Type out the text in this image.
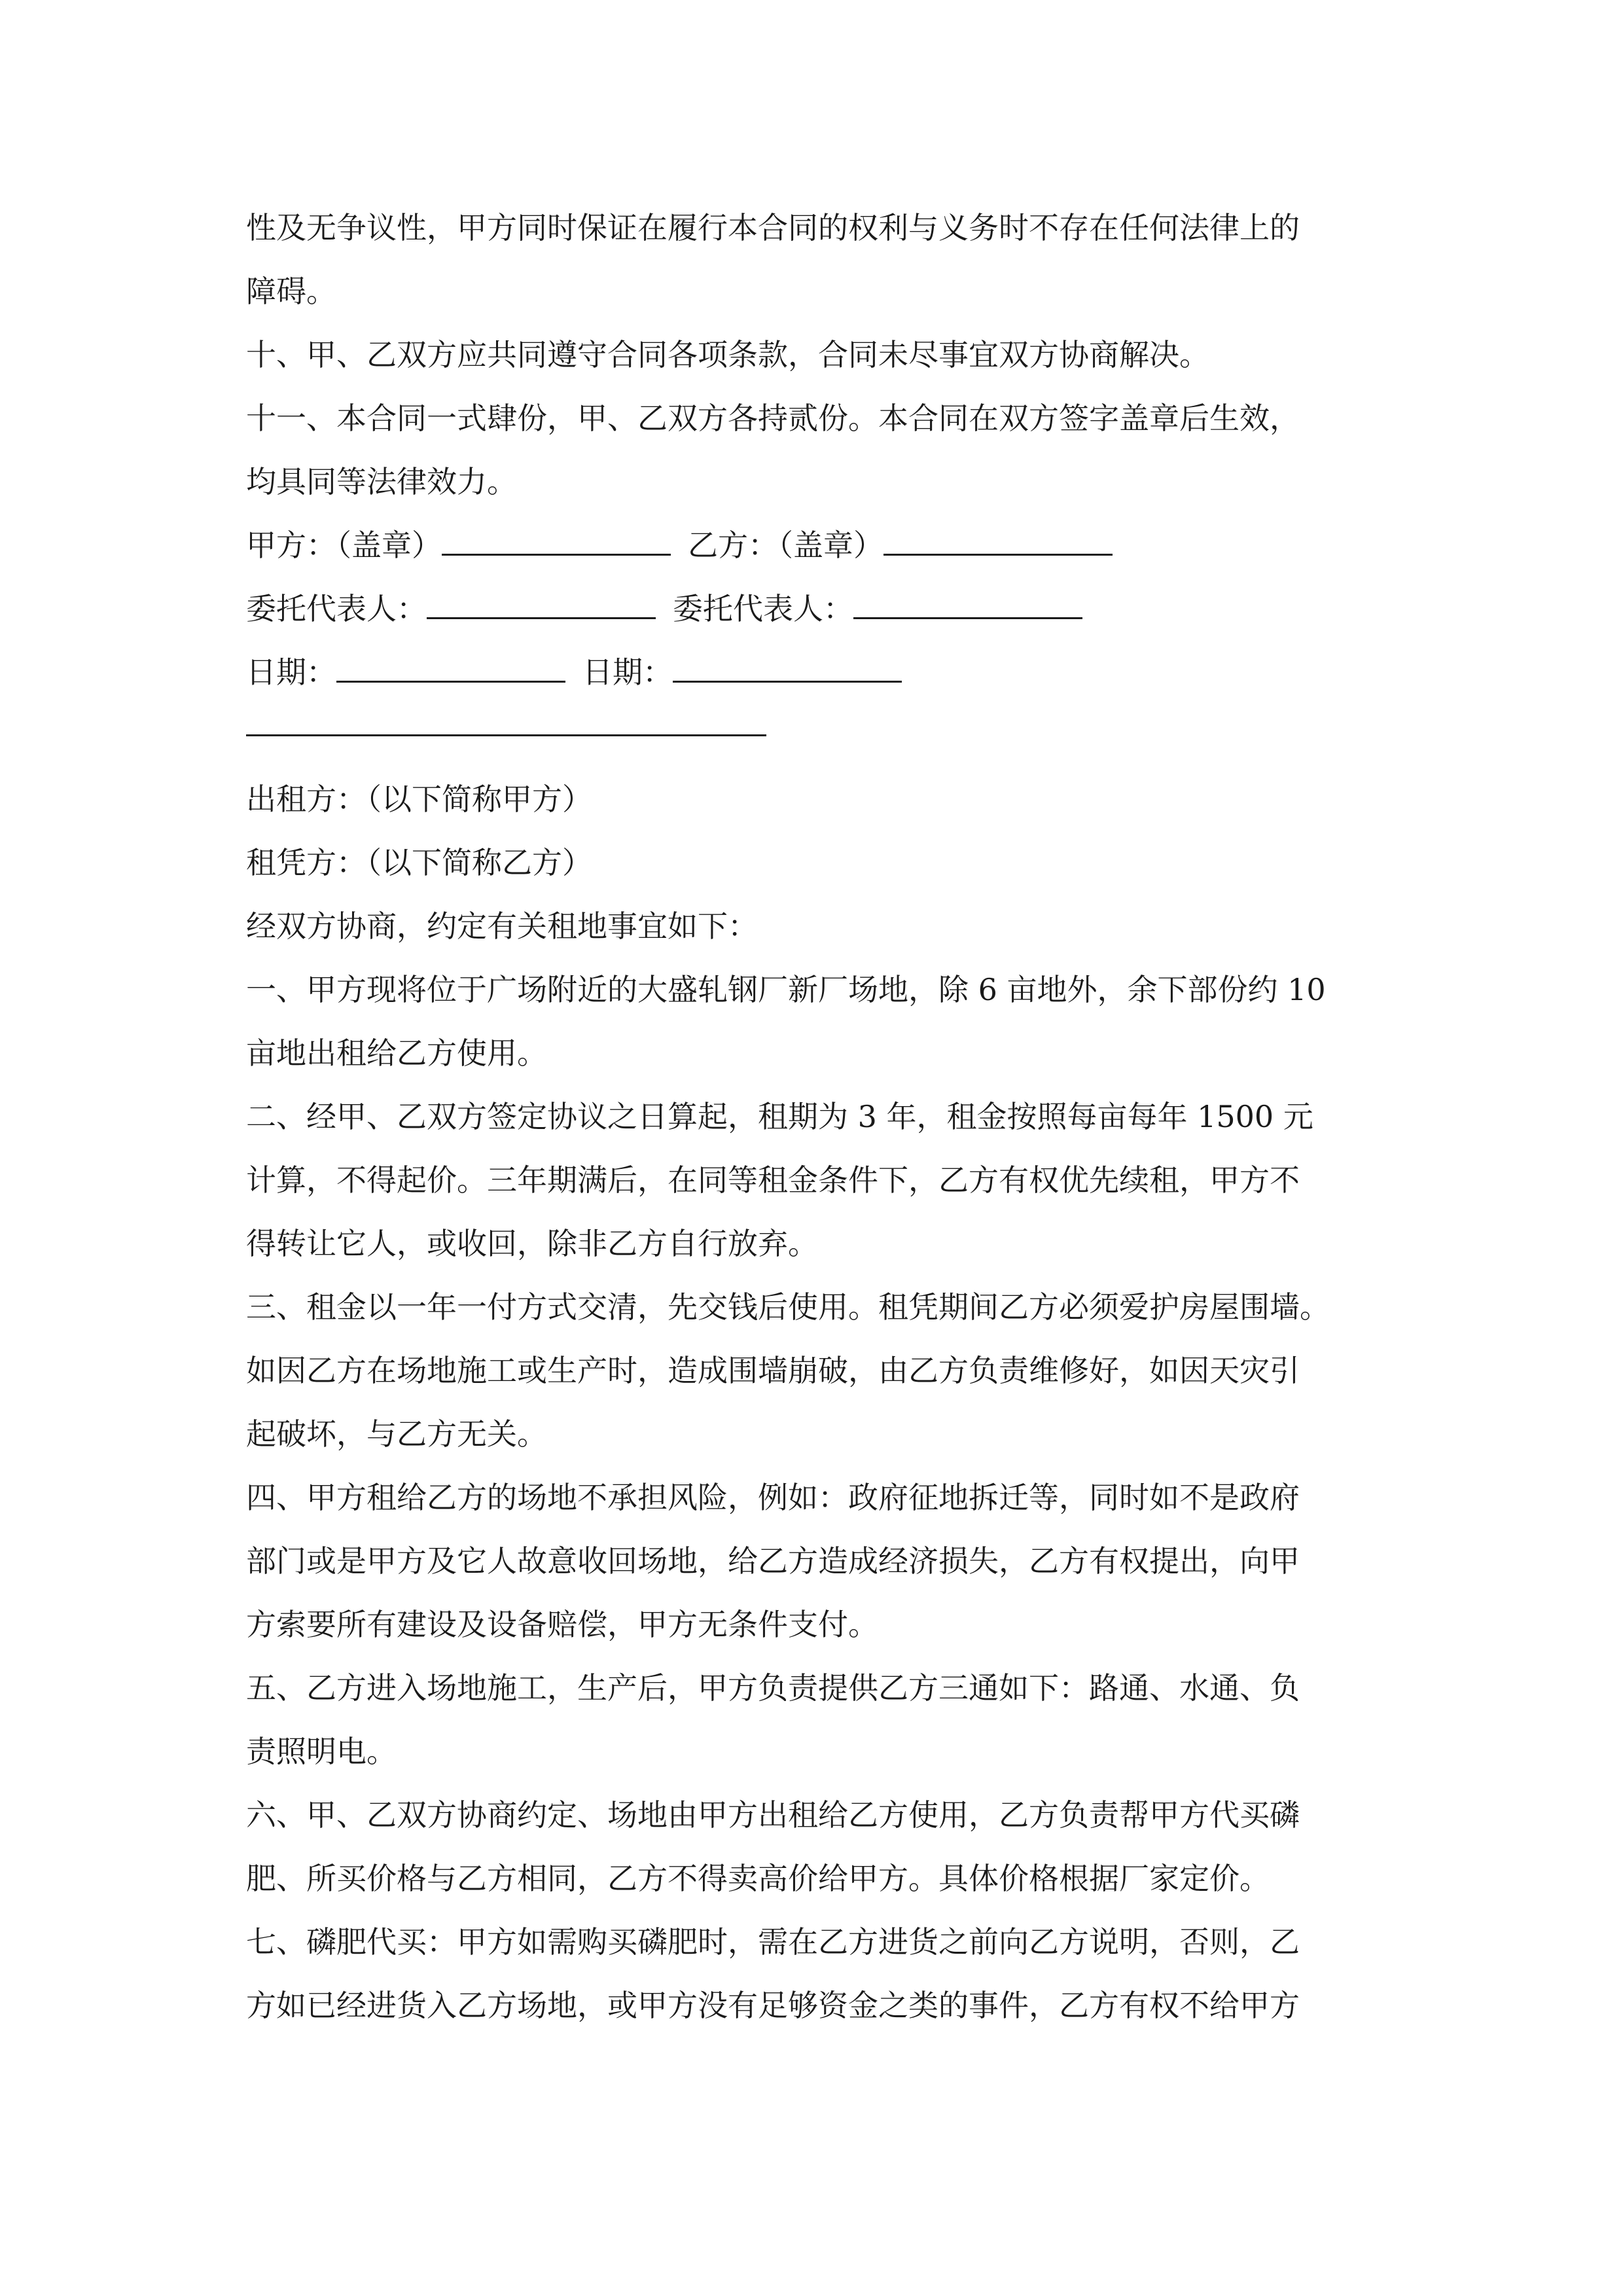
性及无争议性，甲方同时保证在履行本合同的权利与义务时不存在任何法律上的
障碍。
十、甲、乙双方应共同遵守合同各项条款，合同未尽事宜双方协商解决。
十一、本合同一式肆份，甲、乙双方各持贰份。本合同在双方签字盖章后生效，
均具同等法律效力。
甲方：（盖章）	乙方：（盖章）
委托代表人：	委托代表人：
日期：	日期：
出租方：（以下简称甲方）
租凭方：（以下简称乙方）
经双方协商，约定有关租地事宜如下：
一、甲方现将位于广场附近的大盛轧钢厂新厂场地，除 6 亩地外，余下部份约 10
亩地出租给乙方使用。
二、经甲、乙双方签定协议之日算起，租期为 3 年，租金按照每亩每年 1500 元
计算，不得起价。三年期满后，在同等租金条件下，乙方有权优先续租，甲方不
得转让它人，或收回，除非乙方自行放弃。
三、租金以一年一付方式交清，先交钱后使用。租凭期间乙方必须爱护房屋围墙。
如因乙方在场地施工或生产时，造成围墙崩破，由乙方负责维修好，如因天灾引
起破坏，与乙方无关。
四、甲方租给乙方的场地不承担风险，例如：政府征地拆迁等，同时如不是政府
部门或是甲方及它人故意收回场地，给乙方造成经济损失，乙方有权提出，向甲
方索要所有建设及设备赔偿，甲方无条件支付。
五、乙方进入场地施工，生产后，甲方负责提供乙方三通如下：路通、水通、负
责照明电。
六、甲、乙双方协商约定、场地由甲方出租给乙方使用，乙方负责帮甲方代买磷
肥、所买价格与乙方相同，乙方不得卖高价给甲方。具体价格根据厂家定价。
七、磷肥代买：甲方如需购买磷肥时，需在乙方进货之前向乙方说明，否则，乙
方如已经进货入乙方场地，或甲方没有足够资金之类的事件，乙方有权不给甲方
